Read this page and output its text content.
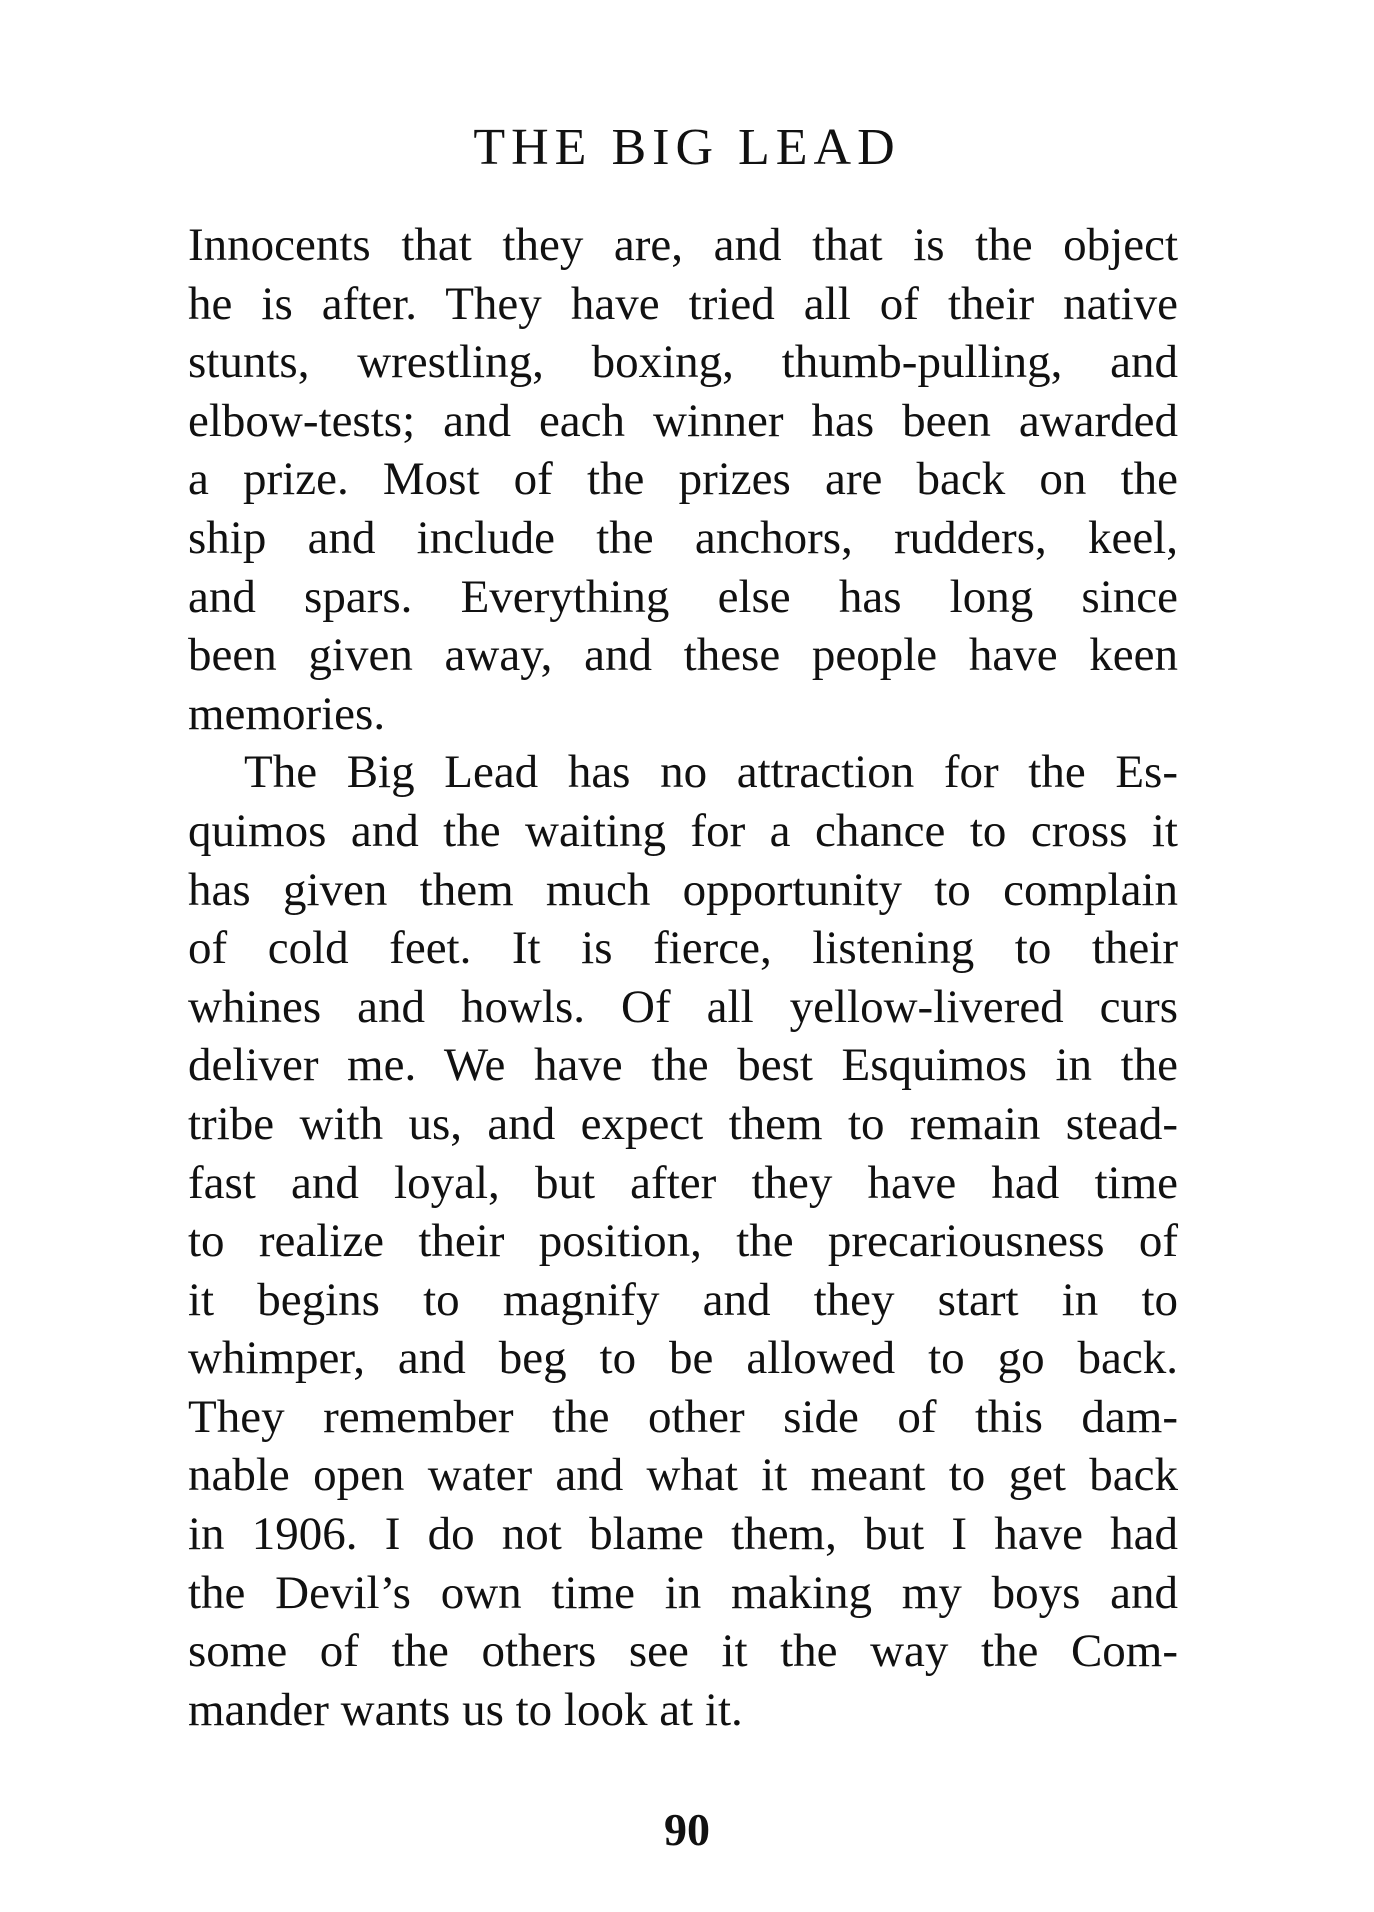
THE BIG LEAD
Innocents that they are, and that is the object
he is after. They have tried all of their native
stunts, wrestling, boxing, thumb-pulling, and
elbow-tests; and each winner has been awarded
a prize. Most of the prizes are back on the
ship and include the anchors, rudders, keel,
and spars. Everything else has long since
been given away, and these people have keen
memories.
The Big Lead has no attraction for the Es-
quimos and the waiting for a chance to cross it
has given them much opportunity to complain
of cold feet. It is fierce, listening to their
whines and howls. Of all yellow-livered curs
deliver me. We have the best Esquimos in the
tribe with us, and expect them to remain stead-
fast and loyal, but after they have had time
to realize their position, the precariousness of
it begins to magnify and they start in to
whimper, and beg to be allowed to go back.
They remember the other side of this dam-
nable open water and what it meant to get back
in 1906. I do not blame them, but I have had
the Devil’s own time in making my boys and
some of the others see it the way the Com-
mander wants us to look at it.
90
